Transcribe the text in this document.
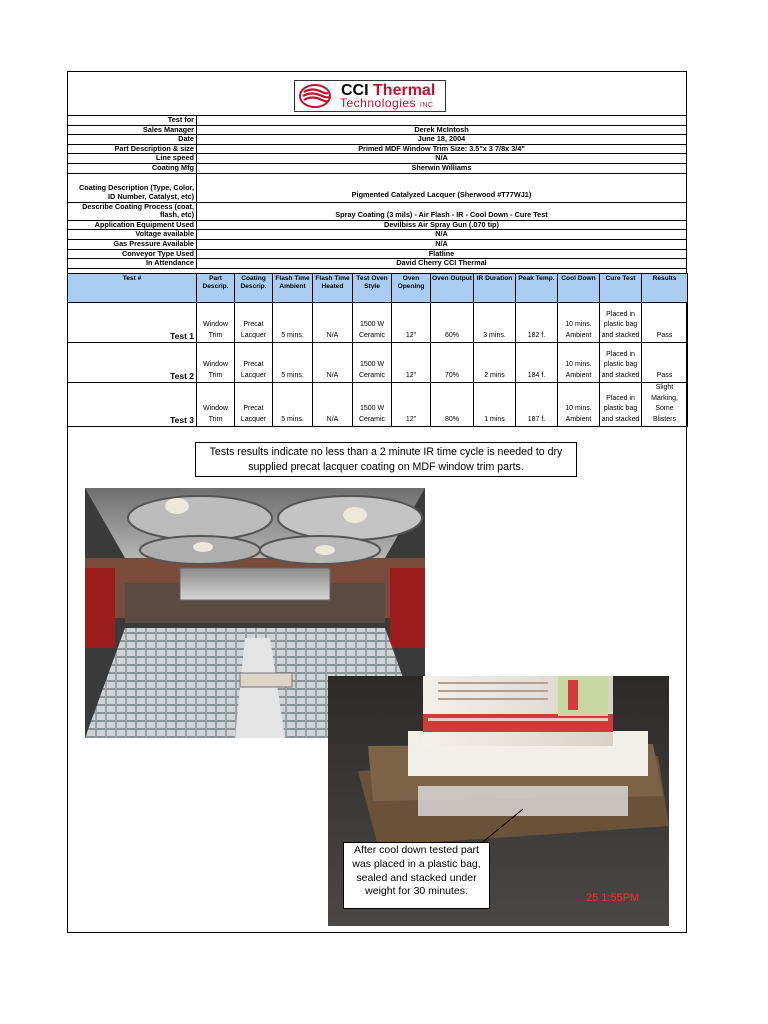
CCI Thermal
Technologies INC
Test for	
Sales Manager	Derek McIntosh
Date	June 18, 2004
Part Description & size	Primed MDF Window Trim Size: 3.5"x 3 7/8x 3/4"
Line speed	N/A
Coating Mfg	Sherwin Williams
Coating Description (Type, Color, ID Number, Catalyst, etc)	Pigmented Catalyzed Lacquer (Sherwood #T77WJ1)
Describe Coating Process (coat, flash, etc)	Spray Coating (3 mils) - Air Flash - IR - Cool Down - Cure Test
Application Equipment Used	Devilbiss Air Spray Gun (.070 tip)
Voltage available	N/A
Gas Pressure Available	N/A
Conveyor Type Used	Flatline
In Attendance	David Cherry CCI Thermal
Test #	Part Descrip.	Coating Descrip.	Flash Time Ambient	Flash Time Heated	Test Oven Style	Oven Opening	Oven Output	IR Duration	Peak Temp.	Cool Down	Cure Test	Results
Test 1	Window Trim	Precat Lacquer	5 mins.	N/A	1500 W Ceramic	12"	60%	3 mins.	182 f.	10 mins. Ambient	Placed in plastic bag and stacked	Pass
Test 2	Window Trim	Precat Lacquer	5 mins.	N/A	1500 W Ceramic	12"	70%	2 mins	184 f.	10 mins. Ambient	Placed in plastic bag and stacked	Pass
Test 3	Window Trim	Precat Lacquer	5 mins.	N/A	1500 W Ceramic	12"	80%	1 mins	187 f.	10 mins. Ambient	Placed in plastic bag and stacked	Slight Marking, Some Blisters
Tests results indicate no less than a 2 minute IR time cycle is needed to dry supplied precat lacquer coating on MDF window trim parts.
After cool down tested part was placed in a plastic bag, sealed and stacked under weight for 30 minutes.
25 1:55PM
